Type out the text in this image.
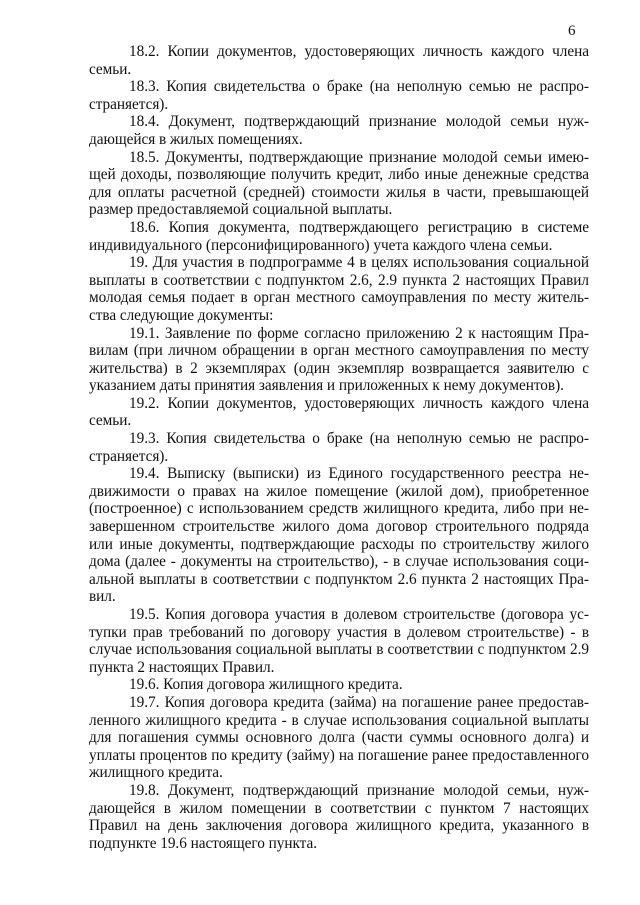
6

18.2. Копии документов, удостоверяющих личность каждого члена семьи.

18.3. Копия свидетельства о браке (на неполную семью не распространяется).

18.4. Документ, подтверждающий признание молодой семьи нуждающейся в жилых помещениях.

18.5. Документы, подтверждающие признание молодой семьи имеющей доходы, позволяющие получить кредит, либо иные денежные средства для оплаты расчетной (средней) стоимости жилья в части, превышающей размер предоставляемой социальной выплаты.

18.6. Копия документа, подтверждающего регистрацию в системе индивидуального (персонифицированного) учета каждого члена семьи.

19. Для участия в подпрограмме 4 в целях использования социальной выплаты в соответствии с подпунктом 2.6, 2.9 пункта 2 настоящих Правил молодая семья подает в орган местного самоуправления по месту жительства следующие документы:

19.1. Заявление по форме согласно приложению 2 к настоящим Правилам (при личном обращении в орган местного самоуправления по месту жительства) в 2 экземплярах (один экземпляр возвращается заявителю с указанием даты принятия заявления и приложенных к нему документов).

19.2. Копии документов, удостоверяющих личность каждого члена семьи.

19.3. Копия свидетельства о браке (на неполную семью не распространяется).

19.4. Выписку (выписки) из Единого государственного реестра недвижимости о правах на жилое помещение (жилой дом), приобретенное (построенное) с использованием средств жилищного кредита, либо при незавершенном строительстве жилого дома договор строительного подряда или иные документы, подтверждающие расходы по строительству жилого дома (далее - документы на строительство), - в случае использования социальной выплаты в соответствии с подпунктом 2.6 пункта 2 настоящих Правил.

19.5. Копия договора участия в долевом строительстве (договора уступки прав требований по договору участия в долевом строительстве) - в случае использования социальной выплаты в соответствии с подпунктом 2.9 пункта 2 настоящих Правил.

19.6. Копия договора жилищного кредита.

19.7. Копия договора кредита (займа) на погашение ранее предоставленного жилищного кредита - в случае использования социальной выплаты для погашения суммы основного долга (части суммы основного долга) и уплаты процентов по кредиту (займу) на погашение ранее предоставленного жилищного кредита.

19.8. Документ, подтверждающий признание молодой семьи, нуждающейся в жилом помещении в соответствии с пунктом 7 настоящих Правил на день заключения договора жилищного кредита, указанного в подпункте 19.6 настоящего пункта.
